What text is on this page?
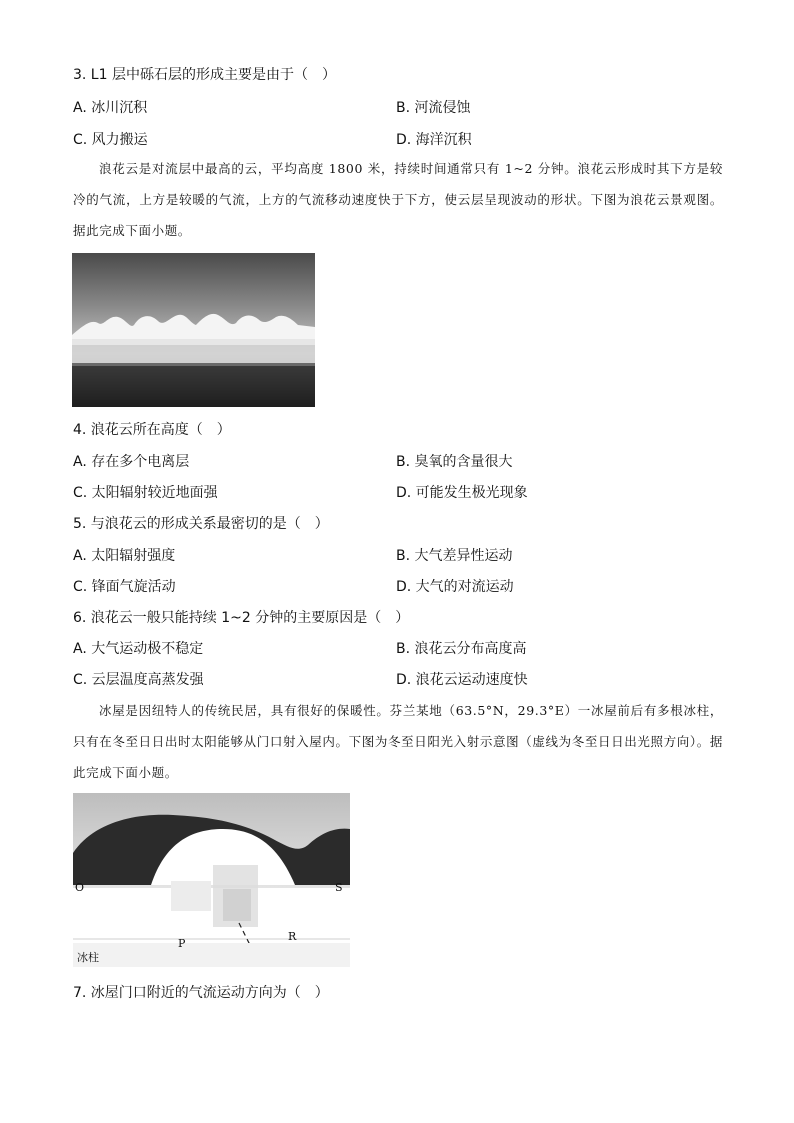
3. L1 层中砾石层的形成主要是由于（　）
A. 冰川沉积	B. 河流侵蚀
C. 风力搬运	D. 海洋沉积

浪花云是对流层中最高的云，平均高度 1800 米，持续时间通常只有 1~2 分钟。浪花云形成时其下方是较冷的气流，上方是较暖的气流，上方的气流移动速度快于下方，使云层呈现波动的形状。下图为浪花云景观图。据此完成下面小题。

4. 浪花云所在高度（　）
A. 存在多个电离层	B. 臭氧的含量很大
C. 太阳辐射较近地面强	D. 可能发生极光现象
5. 与浪花云的形成关系最密切的是（　）
A. 太阳辐射强度	B. 大气差异性运动
C. 锋面气旋活动	D. 大气的对流运动
6. 浪花云一般只能持续 1~2 分钟的主要原因是（　）
A. 大气运动极不稳定	B. 浪花云分布高度高
C. 云层温度高蒸发强	D. 浪花云运动速度快

冰屋是因纽特人的传统民居，具有很好的保暖性。芬兰某地（63.5°N，29.3°E）一冰屋前后有多根冰柱，只有在冬至日日出时太阳能够从门口射入屋内。下图为冬至日阳光入射示意图（虚线为冬至日日出光照方向）。据此完成下面小题。

O	S
P
R
冰柱
7. 冰屋门口附近的气流运动方向为（　）
